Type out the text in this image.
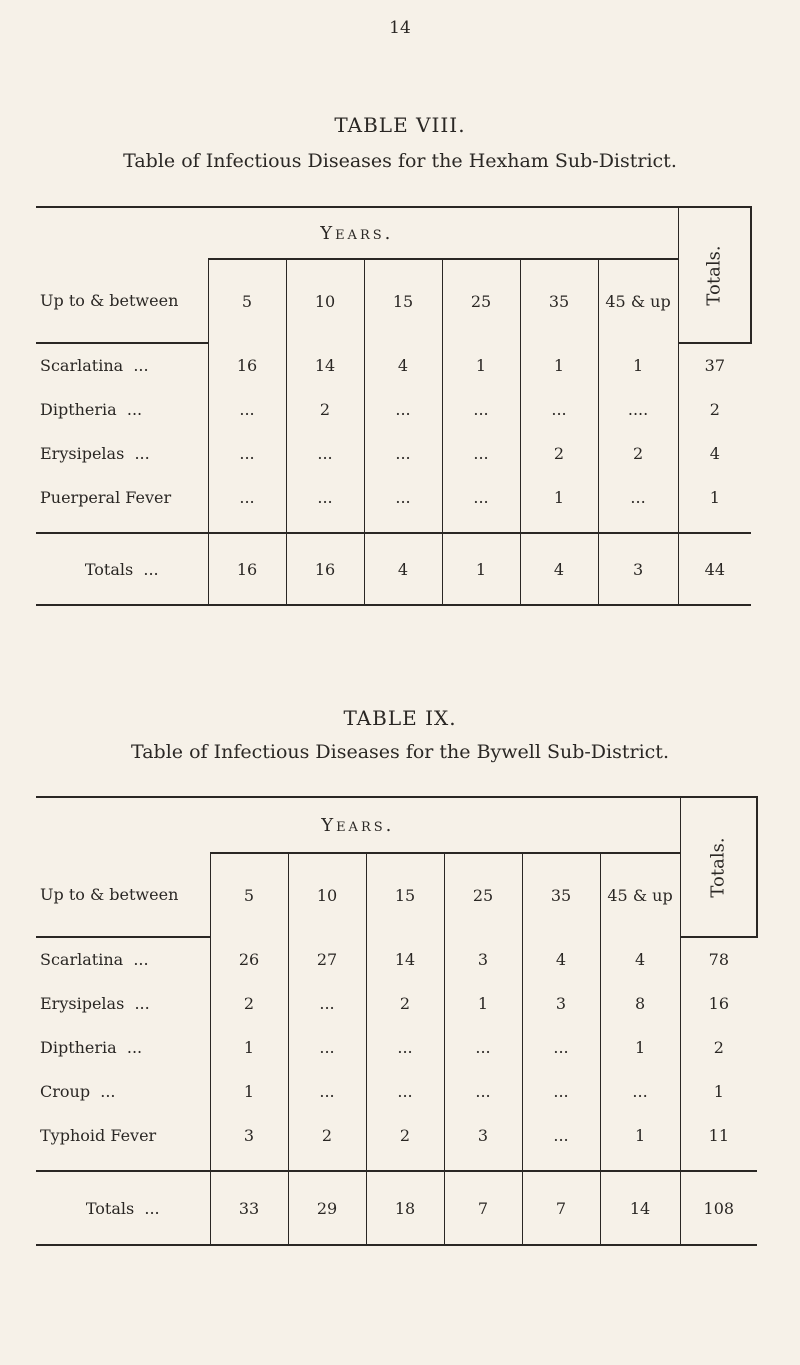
14
TABLE VIII.
Table of Infectious Diseases for the Hexham Sub-District.
Years.							Totals.
Up to & between	5	10	15	25	35	45 & up	
Scarlatina ...	16	14	4	1	1	1	37
Diptheria ...	...	2	...	...	...	....	2
Erysipelas ...	...	...	...	...	2	2	4
Puerperal Fever	...	...	...	...	1	...	1

Totals ...	16	16	4	1	4	3	44
TABLE IX.
Table of Infectious Diseases for the Bywell Sub-District.
Years.							Totals.
Up to & between	5	10	15	25	35	45 & up	
Scarlatina ...	26	27	14	3	4	4	78
Erysipelas ...	2	...	2	1	3	8	16
Diptheria ...	1	...	...	...	...	1	2
Croup ...	1	...	...	...	...	...	1
Typhoid Fever	3	2	2	3	...	1	11

Totals ...	33	29	18	7	7	14	108
